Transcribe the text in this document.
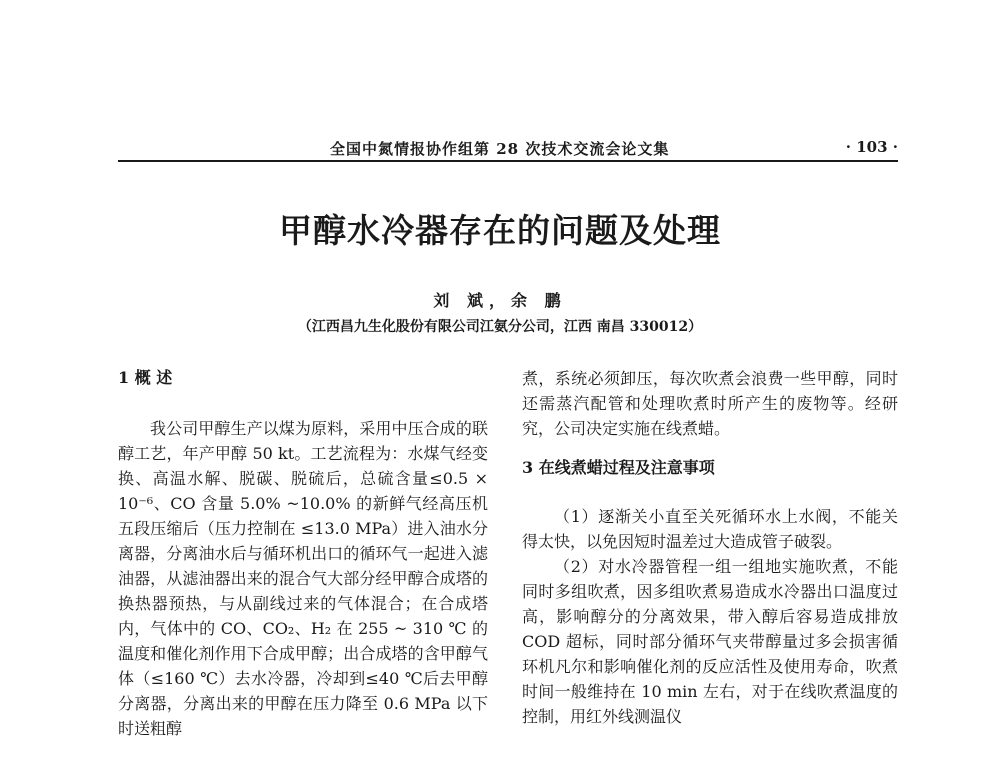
全国中氮情报协作组第 28 次技术交流会论文集	· 103 ·
甲醇水冷器存在的问题及处理
刘 斌，余 鹏
（江西昌九生化股份有限公司江氨分公司，江西 南昌 330012）
1 概 述

我公司甲醇生产以煤为原料，采用中压合成的联醇工艺，年产甲醇 50 kt。工艺流程为：水煤气经变换、高温水解、脱碳、脱硫后，总硫含量≤0.5 × 10⁻⁶、CO 含量 5.0% ~10.0% 的新鲜气经高压机五段压缩后（压力控制在 ≤13.0 MPa）进入油水分离器，分离油水后与循环机出口的循环气一起进入滤油器，从滤油器出来的混合气大部分经甲醇合成塔的换热器预热，与从副线过来的气体混合；在合成塔内，气体中的 CO、CO₂、H₂ 在 255 ~ 310 ℃ 的温度和催化剂作用下合成甲醇；出合成塔的含甲醇气体（≤160 ℃）去水冷器，冷却到≤40 ℃后去甲醇分离器，分离出来的甲醇在压力降至 0.6 MPa 以下时送粗醇

煮，系统必须卸压，每次吹煮会浪费一些甲醇，同时还需蒸汽配管和处理吹煮时所产生的废物等。经研究，公司决定实施在线煮蜡。

3 在线煮蜡过程及注意事项

（1）逐渐关小直至关死循环水上水阀，不能关得太快，以免因短时温差过大造成管子破裂。

（2）对水冷器管程一组一组地实施吹煮，不能同时多组吹煮，因多组吹煮易造成水冷器出口温度过高，影响醇分的分离效果，带入醇后容易造成排放 COD 超标，同时部分循环气夹带醇量过多会损害循环机凡尔和影响催化剂的反应活性及使用寿命，吹煮时间一般维持在 10 min 左右，对于在线吹煮温度的控制，用红外线测温仪
